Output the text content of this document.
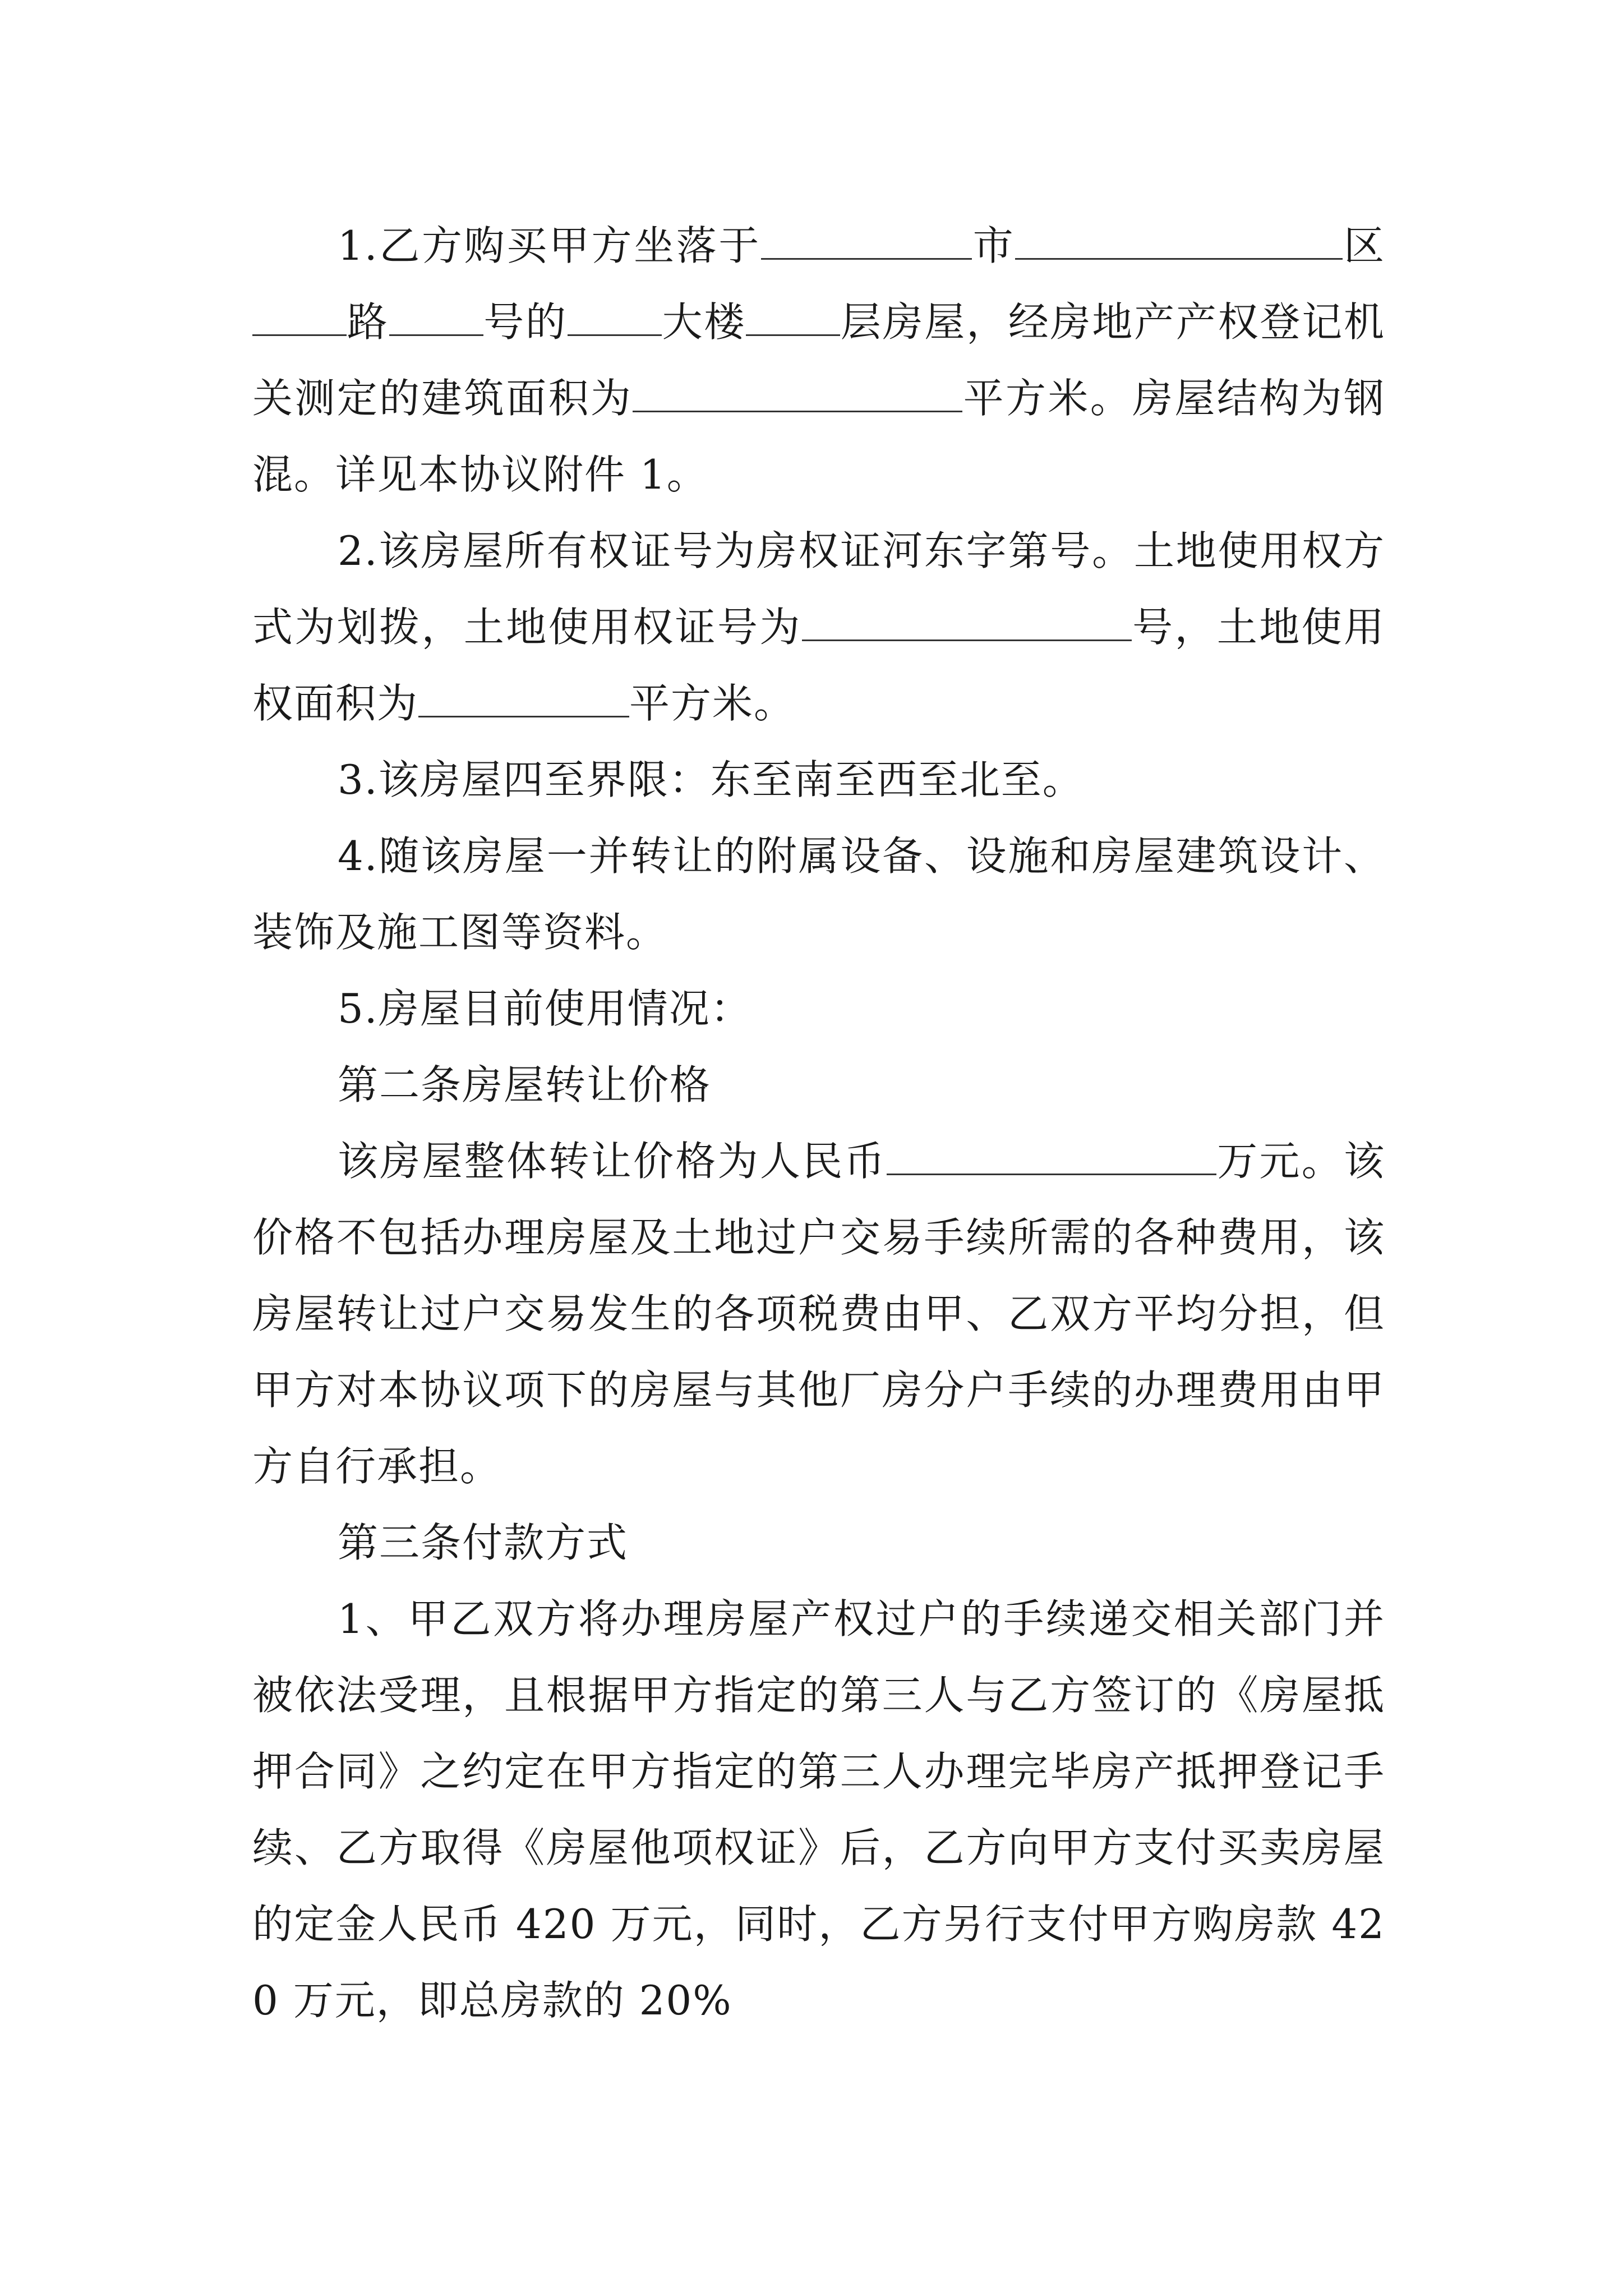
1.乙方购买甲方坐落于	市	区路 号的 大楼 层房屋，经房地产产权登记机关测定的建筑面积为	平方米。房屋结构为钢混。详见本协议附件 1。

2.该房屋所有权证号为房权证河东字第号。土地使用权方式为划拨，土地使用权证号为	号，土地使用权面积为	平方米。

3.该房屋四至界限：东至南至西至北至。

4.随该房屋一并转让的附属设备、设施和房屋建筑设计、装饰及施工图等资料。

5.房屋目前使用情况：

第二条房屋转让价格

该房屋整体转让价格为人民币	万元。该价格不包括办理房屋及土地过户交易手续所需的各种费用，该房屋转让过户交易发生的各项税费由甲、乙双方平均分担，但甲方对本协议项下的房屋与其他厂房分户手续的办理费用由甲方自行承担。

第三条付款方式

1、甲乙双方将办理房屋产权过户的手续递交相关部门并被依法受理，且根据甲方指定的第三人与乙方签订的《房屋抵押合同》之约定在甲方指定的第三人办理完毕房产抵押登记手续、乙方取得《房屋他项权证》后，乙方向甲方支付买卖房屋的定金人民币 420 万元，同时，乙方另行支付甲方购房款 420 万元，即总房款的 20%
